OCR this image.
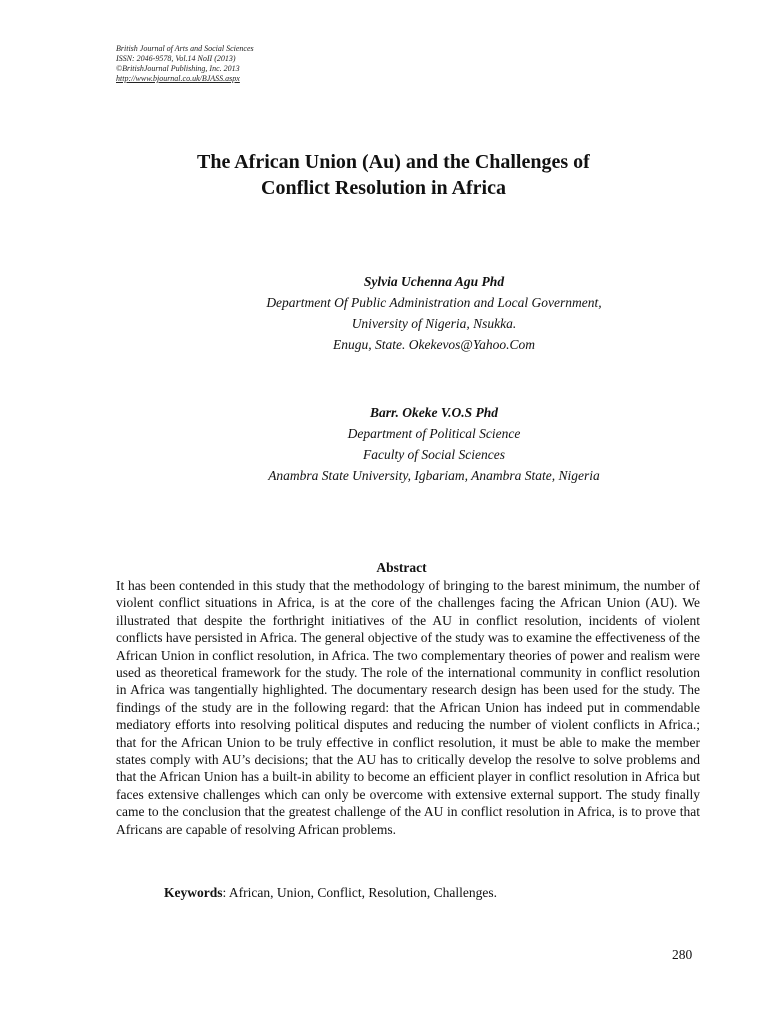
British Journal of Arts and Social Sciences
ISSN: 2046-9578, Vol.14 NoII (2013)
©BritishJournal Publishing, Inc. 2013
http://www.bjournal.co.uk/BJASS.aspx
The African Union (Au) and the Challenges of
Conflict Resolution in Africa
Sylvia Uchenna Agu Phd
Department Of Public Administration and Local Government,
University of Nigeria, Nsukka.
Enugu, State. Okekevos@Yahoo.Com
Barr. Okeke V.O.S Phd
Department of Political Science
Faculty of Social Sciences
Anambra State University, Igbariam, Anambra State, Nigeria
Abstract
It has been contended in this study that the methodology of bringing to the barest minimum, the number of violent conflict situations in Africa, is at the core of the challenges facing the African Union (AU). We illustrated that despite the forthright initiatives of the AU in conflict resolution, incidents of violent conflicts have persisted in Africa. The general objective of the study was to examine the effectiveness of the African Union in conflict resolution, in Africa. The two complementary theories of power and realism were used as theoretical framework for the study. The role of the international community in conflict resolution in Africa was tangentially highlighted. The documentary research design has been used for the study. The findings of the study are in the following regard: that the African Union has indeed put in commendable mediatory efforts into resolving political disputes and reducing the number of violent conflicts in Africa.; that for the African Union to be truly effective in conflict resolution, it must be able to make the member states comply with AU’s decisions; that the AU has to critically develop the resolve to solve problems and that the African Union has a built-in ability to become an efficient player in conflict resolution in Africa but faces extensive challenges which can only be overcome with extensive external support. The study finally came to the conclusion that the greatest challenge of the AU in conflict resolution in Africa, is to prove that Africans are capable of resolving African problems.
Keywords: African, Union, Conflict, Resolution, Challenges.
280
